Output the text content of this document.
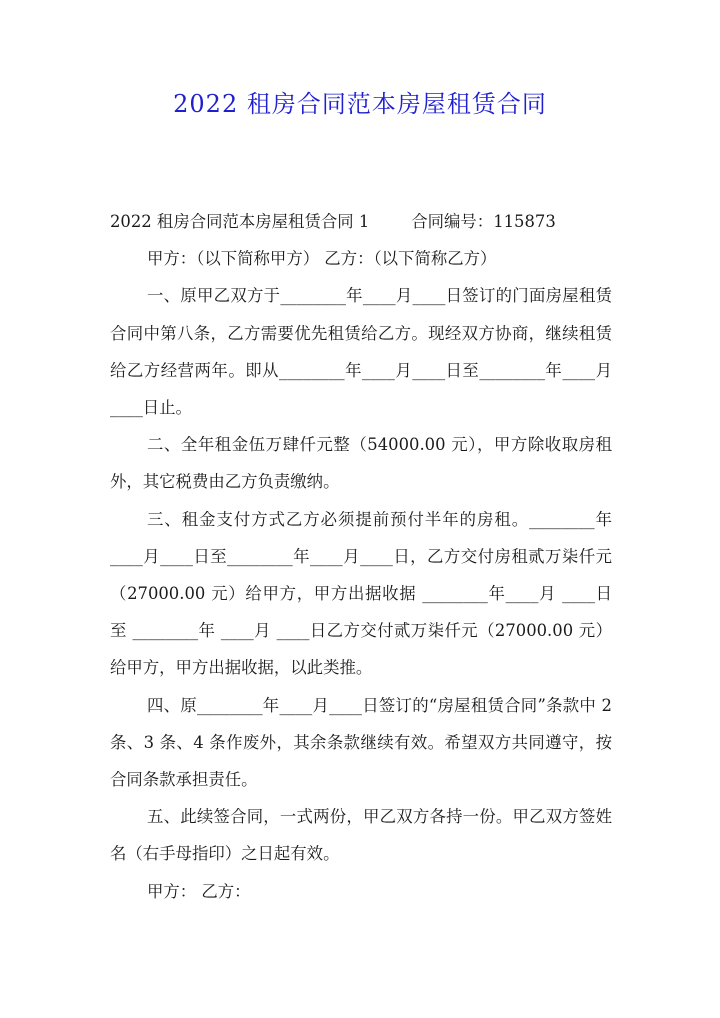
2022 租房合同范本房屋租赁合同

2022 租房合同范本房屋租赁合同 1	合同编号：115873

甲方：（以下简称甲方） 乙方：（以下简称乙方）

一、原甲乙双方于________年____月____日签订的门面房屋租赁合同中第八条，乙方需要优先租赁给乙方。现经双方协商，继续租赁给乙方经营两年。即从________年____月____日至________年____月____日止。

二、全年租金伍万肆仟元整（54000.00 元），甲方除收取房租外，其它税费由乙方负责缴纳。

三、租金支付方式乙方必须提前预付半年的房租。________年____月____日至________年____月____日，乙方交付房租贰万柒仟元（27000.00 元）给甲方，甲方出据收据 ________年____月 ____日至 ________年 ____月 ____日乙方交付贰万柒仟元（27000.00 元）给甲方，甲方出据收据，以此类推。

四、原________年____月____日签订的“房屋租赁合同”条款中 2 条、3 条、4 条作废外，其余条款继续有效。希望双方共同遵守，按合同条款承担责任。

五、此续签合同，一式两份，甲乙双方各持一份。甲乙双方签姓名（右手母指印）之日起有效。

甲方： 乙方：
